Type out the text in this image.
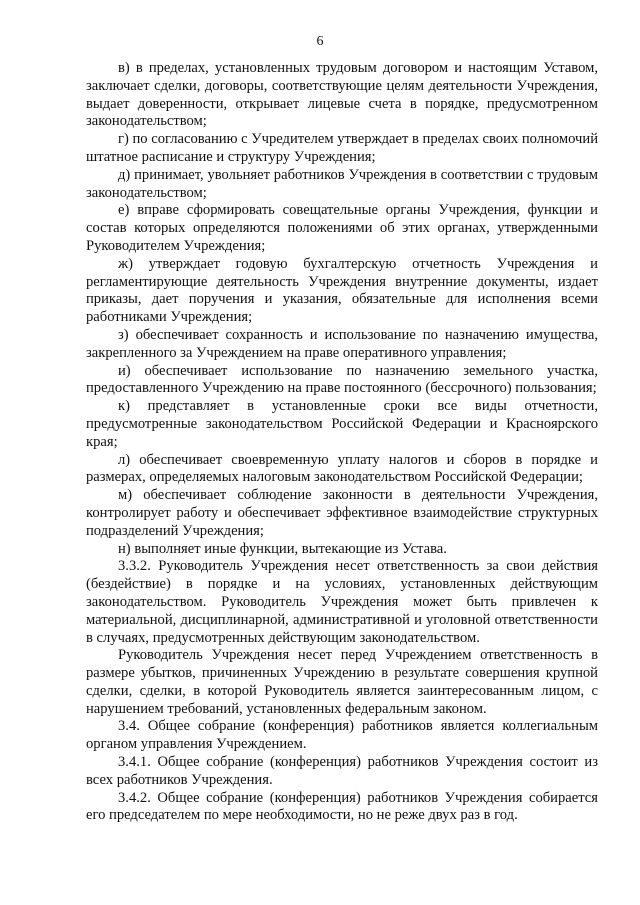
6

в) в пределах, установленных трудовым договором и настоящим Уставом, заключает сделки, договоры, соответствующие целям деятельности Учреждения, выдает доверенности, открывает лицевые счета в порядке, предусмотренном законодательством;

г) по согласованию с Учредителем утверждает в пределах своих полномочий штатное расписание и структуру Учреждения;

д) принимает, увольняет работников Учреждения в соответствии с трудовым законодательством;

е) вправе сформировать совещательные органы Учреждения, функции и состав которых определяются положениями об этих органах, утвержденными Руководителем Учреждения;

ж) утверждает годовую бухгалтерскую отчетность Учреждения и регламентирующие деятельность Учреждения внутренние документы, издает приказы, дает поручения и указания, обязательные для исполнения всеми работниками Учреждения;

з) обеспечивает сохранность и использование по назначению имущества, закрепленного за Учреждением на праве оперативного управления;

и) обеспечивает использование по назначению земельного участка, предоставленного Учреждению на праве постоянного (бессрочного) пользования;

к) представляет в установленные сроки все виды отчетности, предусмотренные законодательством Российской Федерации и Красноярского края;

л) обеспечивает своевременную уплату налогов и сборов в порядке и размерах, определяемых налоговым законодательством Российской Федерации;

м) обеспечивает соблюдение законности в деятельности Учреждения, контролирует работу и обеспечивает эффективное взаимодействие структурных подразделений Учреждения;

н) выполняет иные функции, вытекающие из Устава.

3.3.2. Руководитель Учреждения несет ответственность за свои действия (бездействие) в порядке и на условиях, установленных действующим законодательством. Руководитель Учреждения может быть привлечен к материальной, дисциплинарной, административной и уголовной ответственности в случаях, предусмотренных действующим законодательством.

Руководитель Учреждения несет перед Учреждением ответственность в размере убытков, причиненных Учреждению в результате совершения крупной сделки, сделки, в которой Руководитель является заинтересованным лицом, с нарушением требований, установленных федеральным законом.

3.4. Общее собрание (конференция) работников является коллегиальным органом управления Учреждением.

3.4.1. Общее собрание (конференция) работников Учреждения состоит из всех работников Учреждения.

3.4.2. Общее собрание (конференция) работников Учреждения собирается его председателем по мере необходимости, но не реже двух раз в год.
